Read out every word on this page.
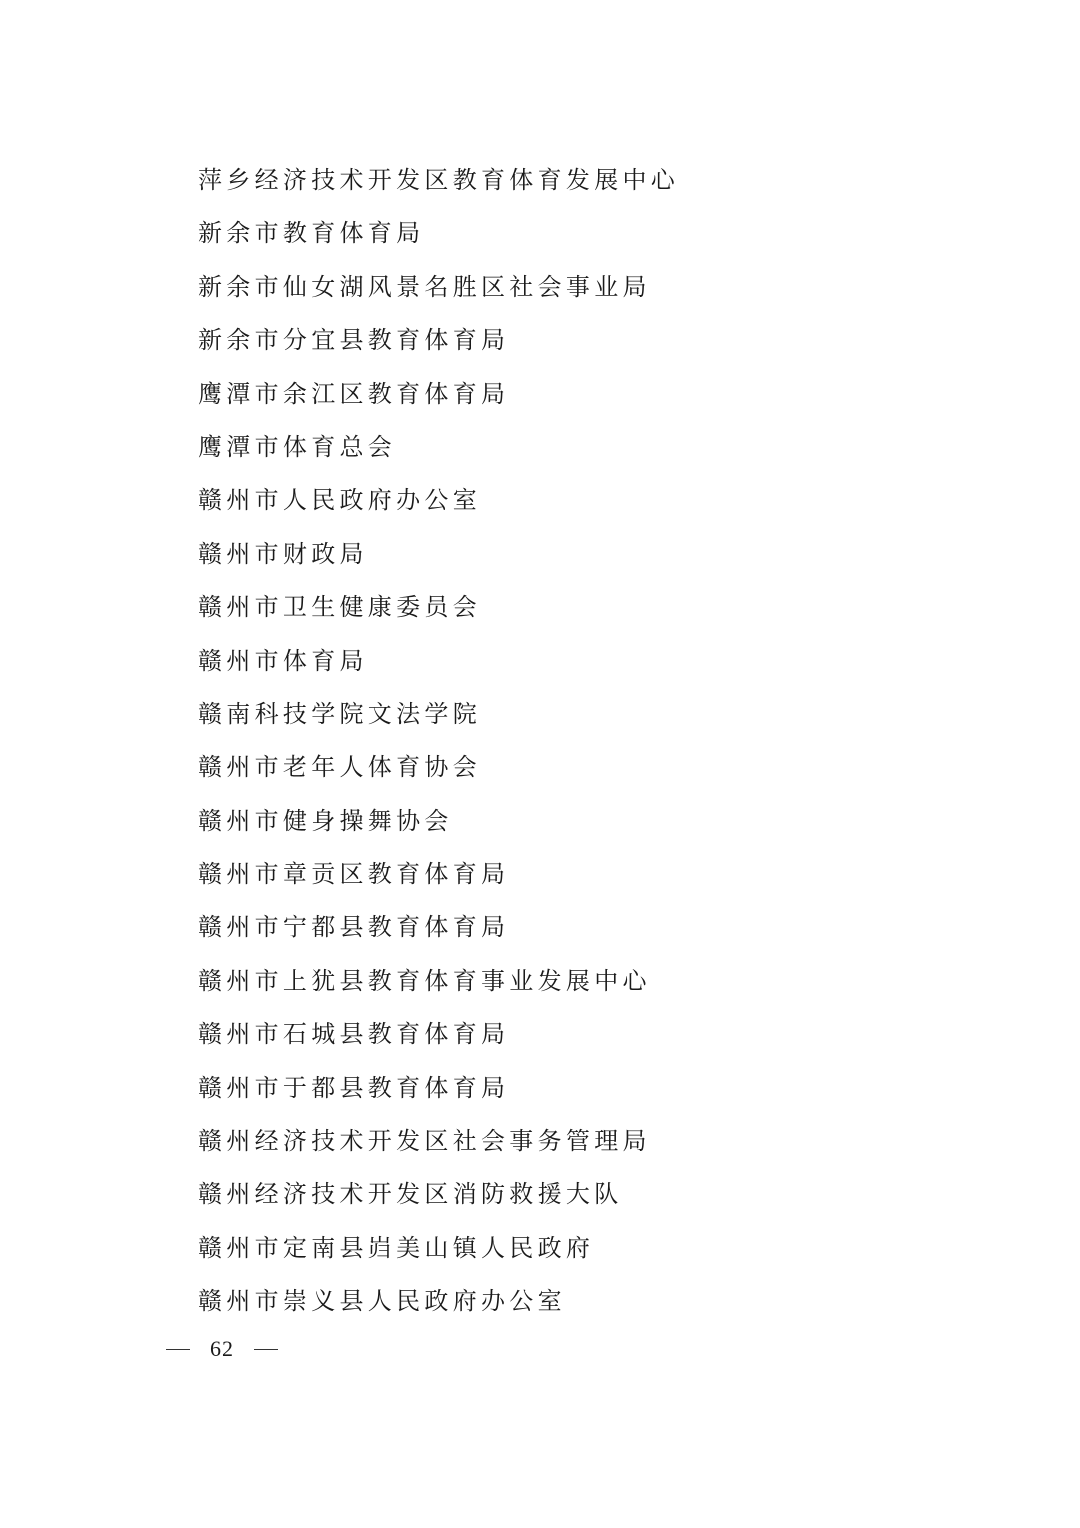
萍乡经济技术开发区教育体育发展中心
新余市教育体育局
新余市仙女湖风景名胜区社会事业局
新余市分宜县教育体育局
鹰潭市余江区教育体育局
鹰潭市体育总会
赣州市人民政府办公室
赣州市财政局
赣州市卫生健康委员会
赣州市体育局
赣南科技学院文法学院
赣州市老年人体育协会
赣州市健身操舞协会
赣州市章贡区教育体育局
赣州市宁都县教育体育局
赣州市上犹县教育体育事业发展中心
赣州市石城县教育体育局
赣州市于都县教育体育局
赣州经济技术开发区社会事务管理局
赣州经济技术开发区消防救援大队
赣州市定南县岿美山镇人民政府
赣州市崇义县人民政府办公室
62
